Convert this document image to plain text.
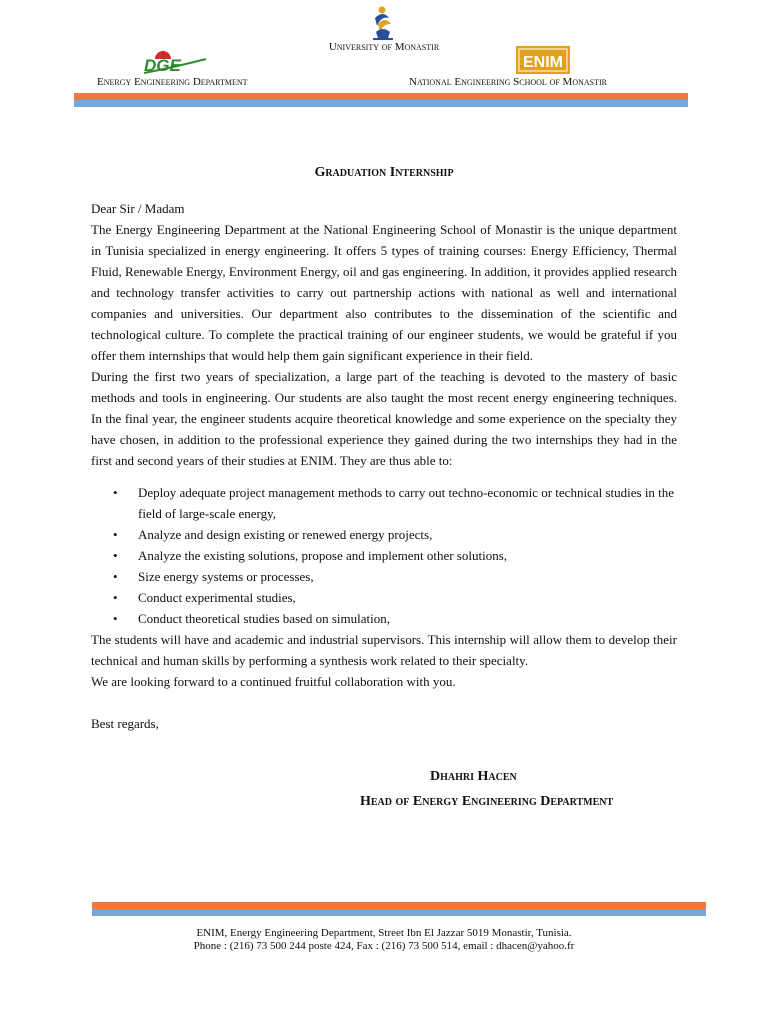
University of Monastir
DGE
Energy Engineering Department
ENIM
National Engineering School of Monastir
Graduation Internship

Dear Sir / Madam

The Energy Engineering Department at the National Engineering School of Monastir is the unique department in Tunisia specialized in energy engineering. It offers 5 types of training courses: Energy Efficiency, Thermal Fluid, Renewable Energy, Environment Energy, oil and gas engineering. In addition, it provides applied research and technology transfer activities to carry out partnership actions with national as well and international companies and universities. Our department also contributes to the dissemination of the scientific and technological culture. To complete the practical training of our engineer students, we would be grateful if you offer them internships that would help them gain significant experience in their field.

During the first two years of specialization, a large part of the teaching is devoted to the mastery of basic methods and tools in engineering. Our students are also taught the most recent energy engineering techniques. In the final year, the engineer students acquire theoretical knowledge and some experience on the specialty they have chosen, in addition to the professional experience they gained during the two internships they had in the first and second years of their studies at ENIM. They are thus able to:

• Deploy adequate project management methods to carry out techno-economic or technical studies in the field of large-scale energy,
• Analyze and design existing or renewed energy projects,
• Analyze the existing solutions, propose and implement other solutions,
• Size energy systems or processes,
• Conduct experimental studies,
• Conduct theoretical studies based on simulation,

The students will have and academic and industrial supervisors. This internship will allow them to develop their technical and human skills by performing a synthesis work related to their specialty.

We are looking forward to a continued fruitful collaboration with you.

Best regards,

Dhahri Hacen
Head of Energy Engineering Department
ENIM, Energy Engineering Department, Street Ibn El Jazzar 5019 Monastir, Tunisia.
Phone : (216) 73 500 244 poste 424, Fax : (216) 73 500 514, email : dhacen@yahoo.fr
